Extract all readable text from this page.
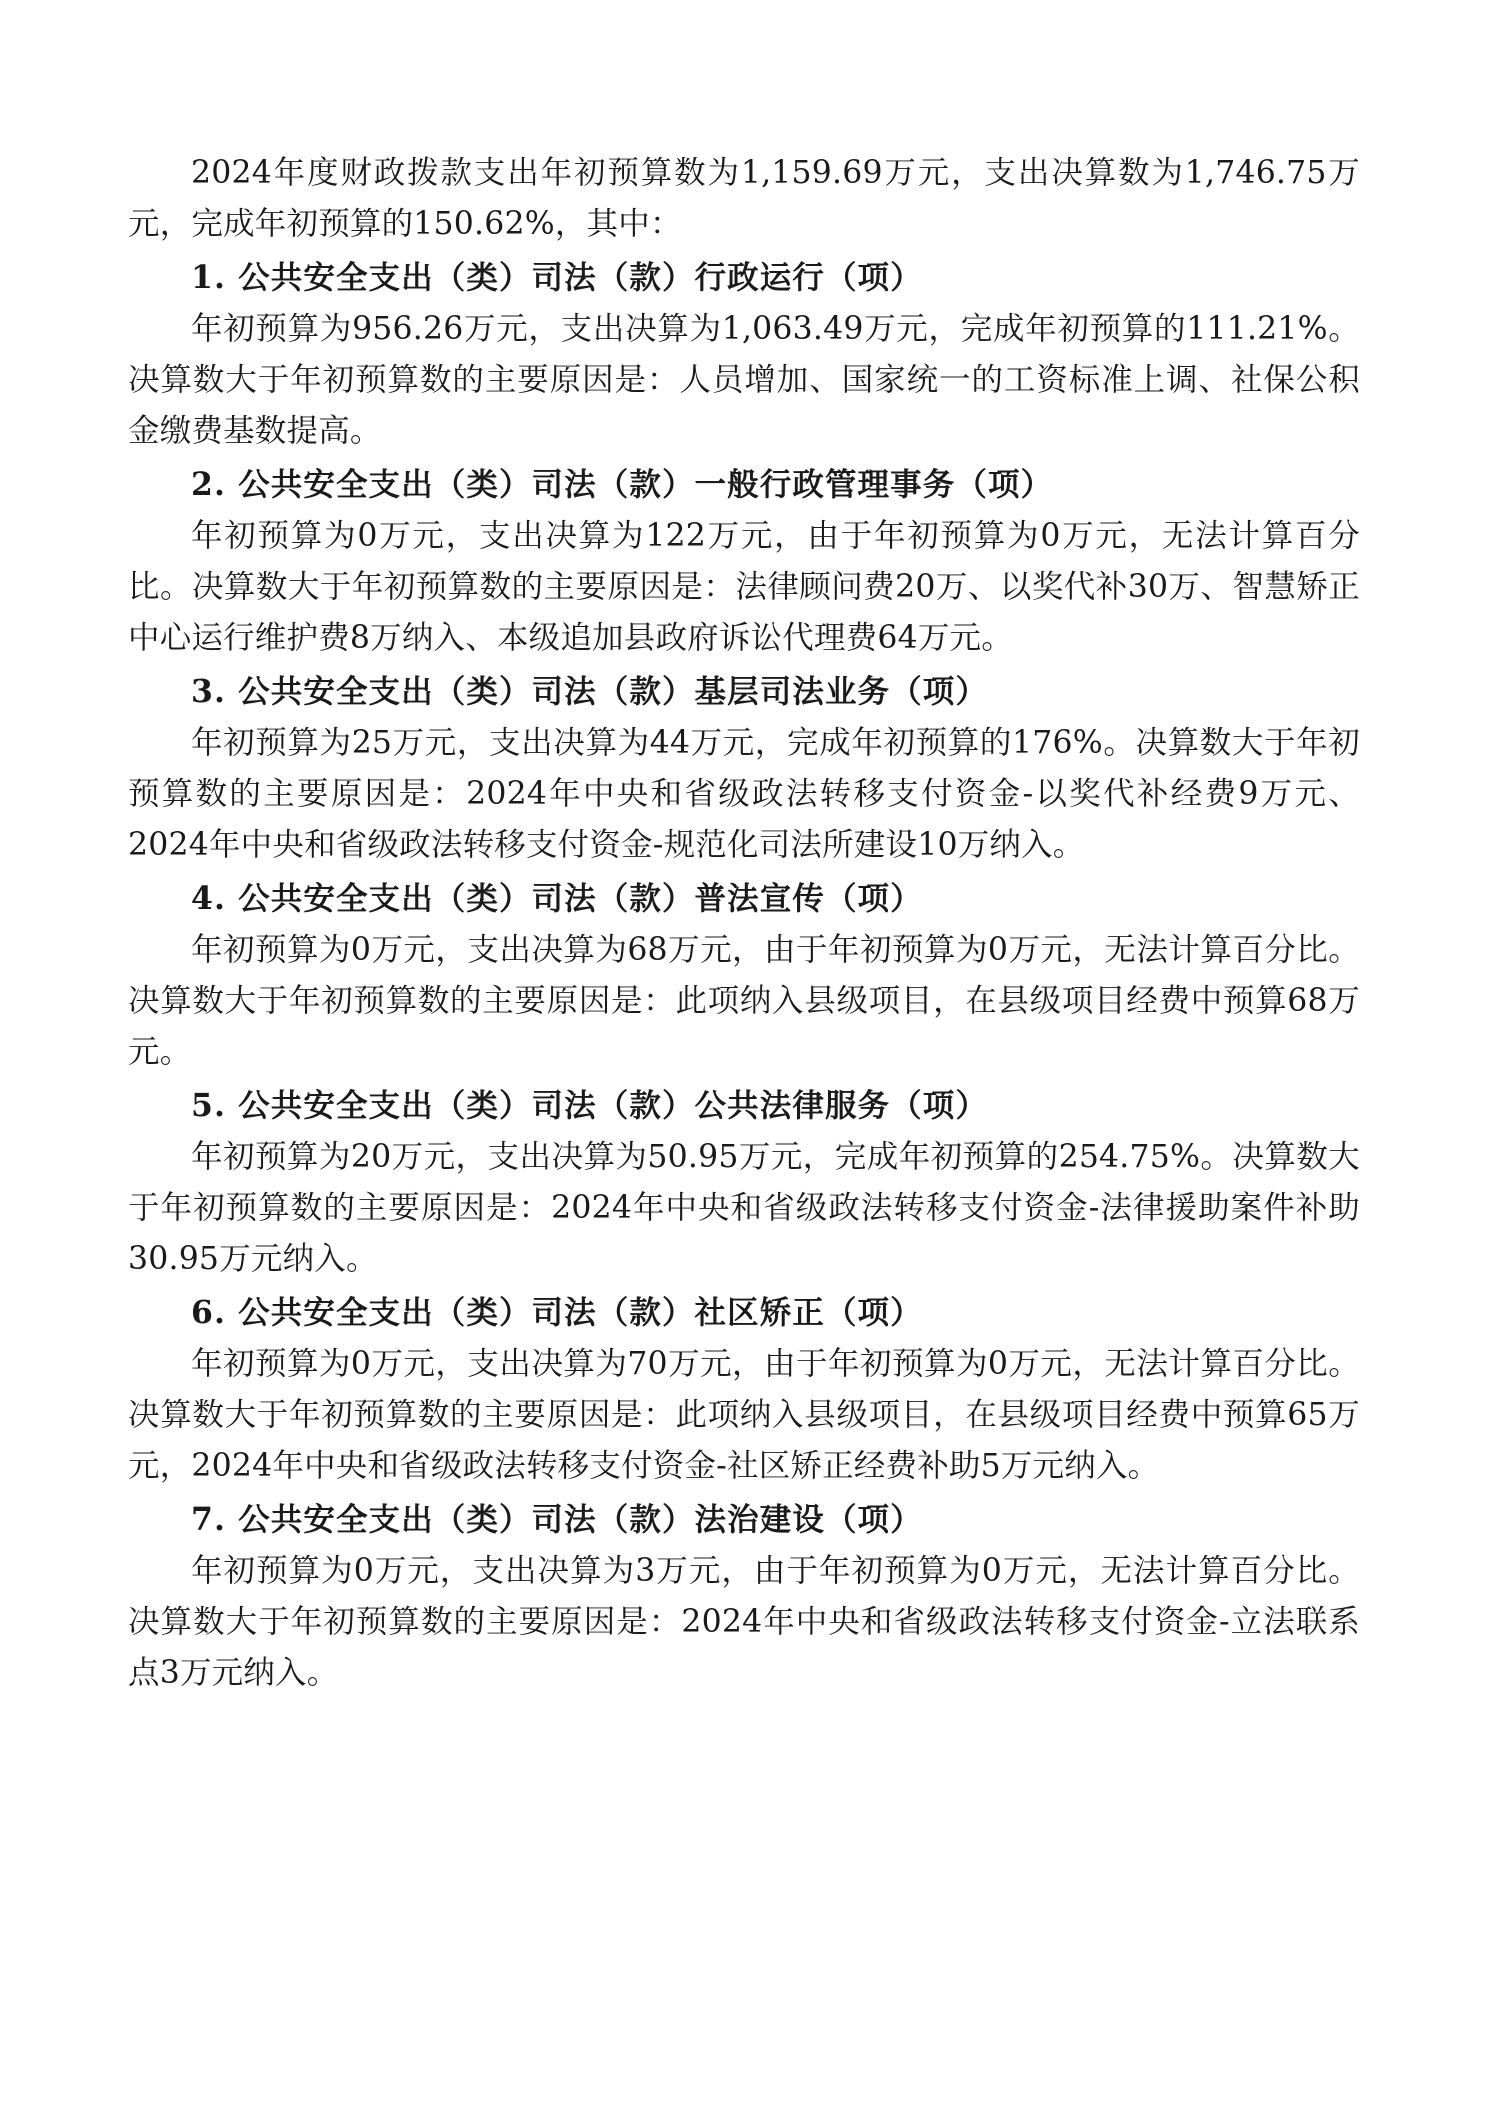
2024年度财政拨款支出年初预算数为1,159.69万元，支出决算数为1,746.75万元，完成年初预算的150.62%，其中：

1. 公共安全支出（类）司法（款）行政运行（项）

年初预算为956.26万元，支出决算为1,063.49万元，完成年初预算的111.21%。决算数大于年初预算数的主要原因是：人员增加、国家统一的工资标准上调、社保公积金缴费基数提高。

2. 公共安全支出（类）司法（款）一般行政管理事务（项）

年初预算为0万元，支出决算为122万元，由于年初预算为0万元，无法计算百分比。决算数大于年初预算数的主要原因是：法律顾问费20万、以奖代补30万、智慧矫正中心运行维护费8万纳入、本级追加县政府诉讼代理费64万元。

3. 公共安全支出（类）司法（款）基层司法业务（项）

年初预算为25万元，支出决算为44万元，完成年初预算的176%。决算数大于年初预算数的主要原因是：2024年中央和省级政法转移支付资金-以奖代补经费9万元、2024年中央和省级政法转移支付资金-规范化司法所建设10万纳入。

4. 公共安全支出（类）司法（款）普法宣传（项）

年初预算为0万元，支出决算为68万元，由于年初预算为0万元，无法计算百分比。决算数大于年初预算数的主要原因是：此项纳入县级项目，在县级项目经费中预算68万元。

5. 公共安全支出（类）司法（款）公共法律服务（项）

年初预算为20万元，支出决算为50.95万元，完成年初预算的254.75%。决算数大于年初预算数的主要原因是：2024年中央和省级政法转移支付资金-法律援助案件补助30.95万元纳入。

6. 公共安全支出（类）司法（款）社区矫正（项）

年初预算为0万元，支出决算为70万元，由于年初预算为0万元，无法计算百分比。决算数大于年初预算数的主要原因是：此项纳入县级项目，在县级项目经费中预算65万元，2024年中央和省级政法转移支付资金-社区矫正经费补助5万元纳入。

7. 公共安全支出（类）司法（款）法治建设（项）

年初预算为0万元，支出决算为3万元，由于年初预算为0万元，无法计算百分比。决算数大于年初预算数的主要原因是：2024年中央和省级政法转移支付资金-立法联系点3万元纳入。
